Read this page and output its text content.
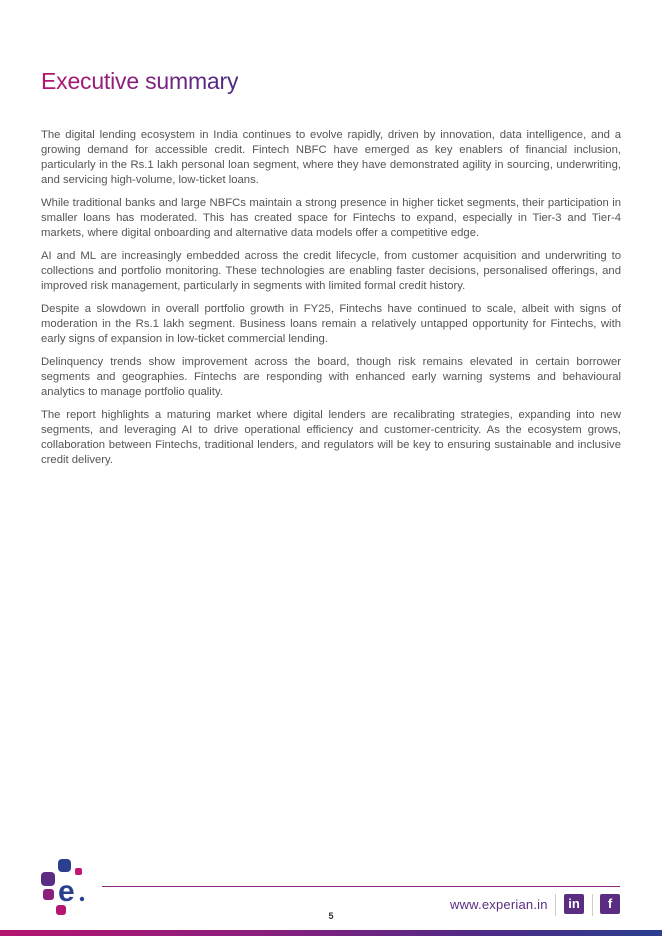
Executive summary

The digital lending ecosystem in India continues to evolve rapidly, driven by innovation, data intelligence, and a growing demand for accessible credit. Fintech NBFC have emerged as key enablers of financial inclusion, particularly in the Rs.1 lakh personal loan segment, where they have demonstrated agility in sourcing, underwriting, and servicing high-volume, low-ticket loans.

While traditional banks and large NBFCs maintain a strong presence in higher ticket segments, their participation in smaller loans has moderated. This has created space for Fintechs to expand, especially in Tier-3 and Tier-4 markets, where digital onboarding and alternative data models offer a competitive edge.

AI and ML are increasingly embedded across the credit lifecycle, from customer acquisition and underwriting to collections and portfolio monitoring. These technologies are enabling faster decisions, personalised offerings, and improved risk management, particularly in segments with limited formal credit history.

Despite a slowdown in overall portfolio growth in FY25, Fintechs have continued to scale, albeit with signs of moderation in the Rs.1 lakh segment. Business loans remain a relatively untapped opportunity for Fintechs, with early signs of expansion in low-ticket commercial lending.

Delinquency trends show improvement across the board, though risk remains elevated in certain borrower segments and geographies. Fintechs are responding with enhanced early warning systems and behavioural analytics to manage portfolio quality.

The report highlights a maturing market where digital lenders are recalibrating strategies, expanding into new segments, and leveraging AI to drive operational efficiency and customer-centricity. As the ecosystem grows, collaboration between Fintechs, traditional lenders, and regulators will be key to ensuring sustainable and inclusive credit delivery.

e
5
www.experian.in	in	f
